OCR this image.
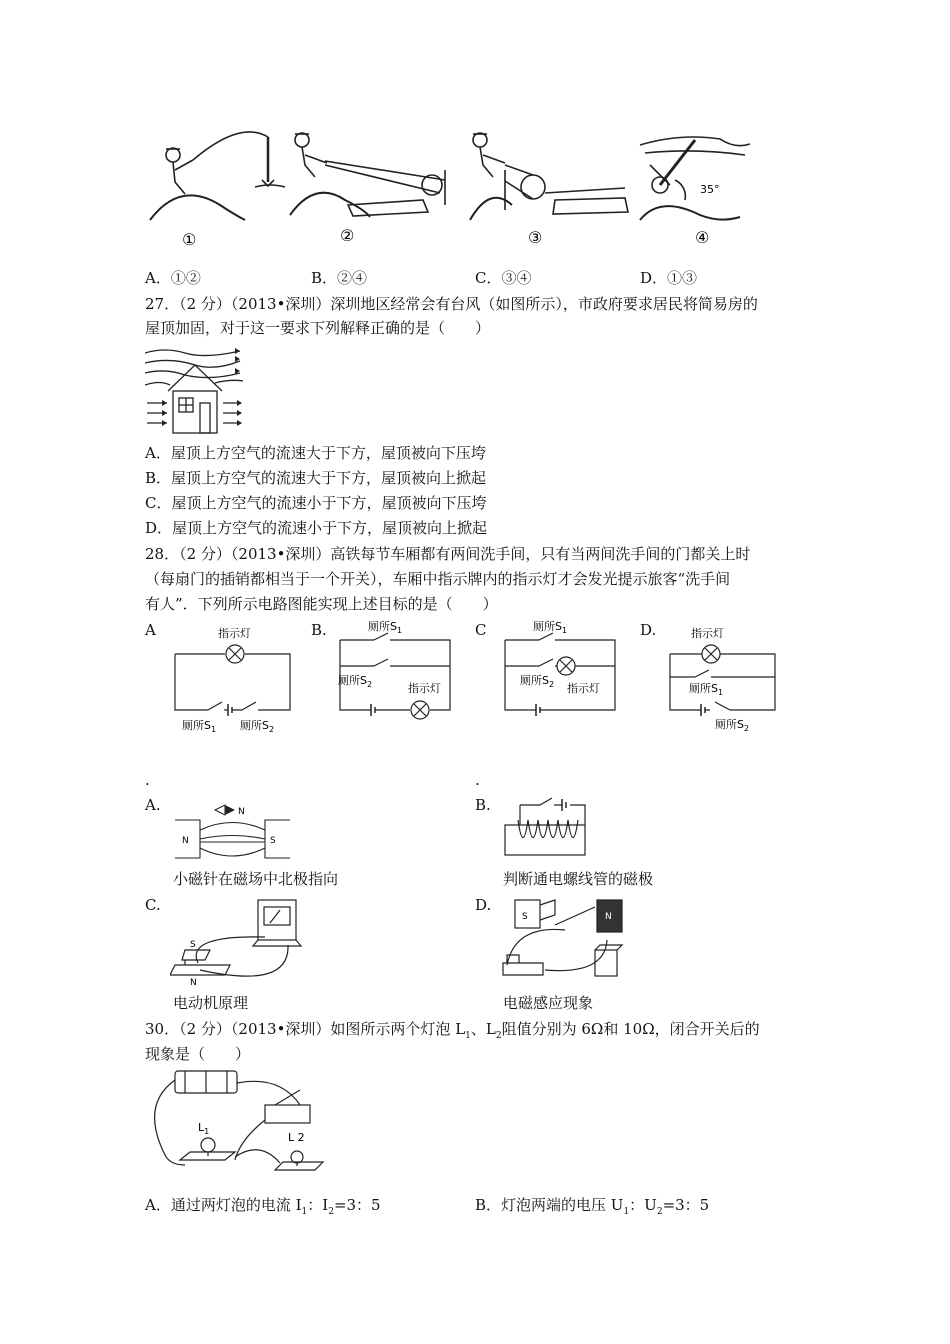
35°
①	②	③	④
A．①②	B．②④	C．③④	D．①③
27．（2 分）（2013•深圳）深圳地区经常会有台风（如图所示），市政府要求居民将简易房的
屋顶加固，对于这一要求下列解释正确的是（　　）
A．屋顶上方空气的流速大于下方，屋顶被向下压垮
B．屋顶上方空气的流速大于下方，屋顶被向上掀起
C．屋顶上方空气的流速小于下方，屋顶被向下压垮
D．屋顶上方空气的流速小于下方，屋顶被向上掀起
28．（2 分）（2013•深圳）高铁每节车厢都有两间洗手间，只有当两间洗手间的门都关上时
（每扇门的插销都相当于一个开关），车厢中指示牌内的指示灯才会发光提示旅客“洗手间
有人”．下列所示电路图能实现上述目标的是（　　）
A	B.	C	D.
指示灯
厕所$S_1$ 厕所$S_2$
厕所$S_1$
厕所$S_2$	指示灯
厕所$S_1$
厕所$S_2$ 指示灯
指示灯
厕所$S_1$
厕所$S_2$
.	.
A.	B.
N
N	S
小磁针在磁场中北极指向	判断通电螺线管的磁极
C.	D.
S
N
S	N
电动机原理	电磁感应现象
30．（2 分）（2013•深圳）如图所示两个灯泡 $L_1$、$L_2$阻值分别为 6Ω和 10Ω，闭合开关后的
现象是（　　）
$L_1$	L 2
A．通过两灯泡的电流 $I_1$：$I_2=3$：5	B．灯泡两端的电压 $U_1$：$U_2=3$：5
